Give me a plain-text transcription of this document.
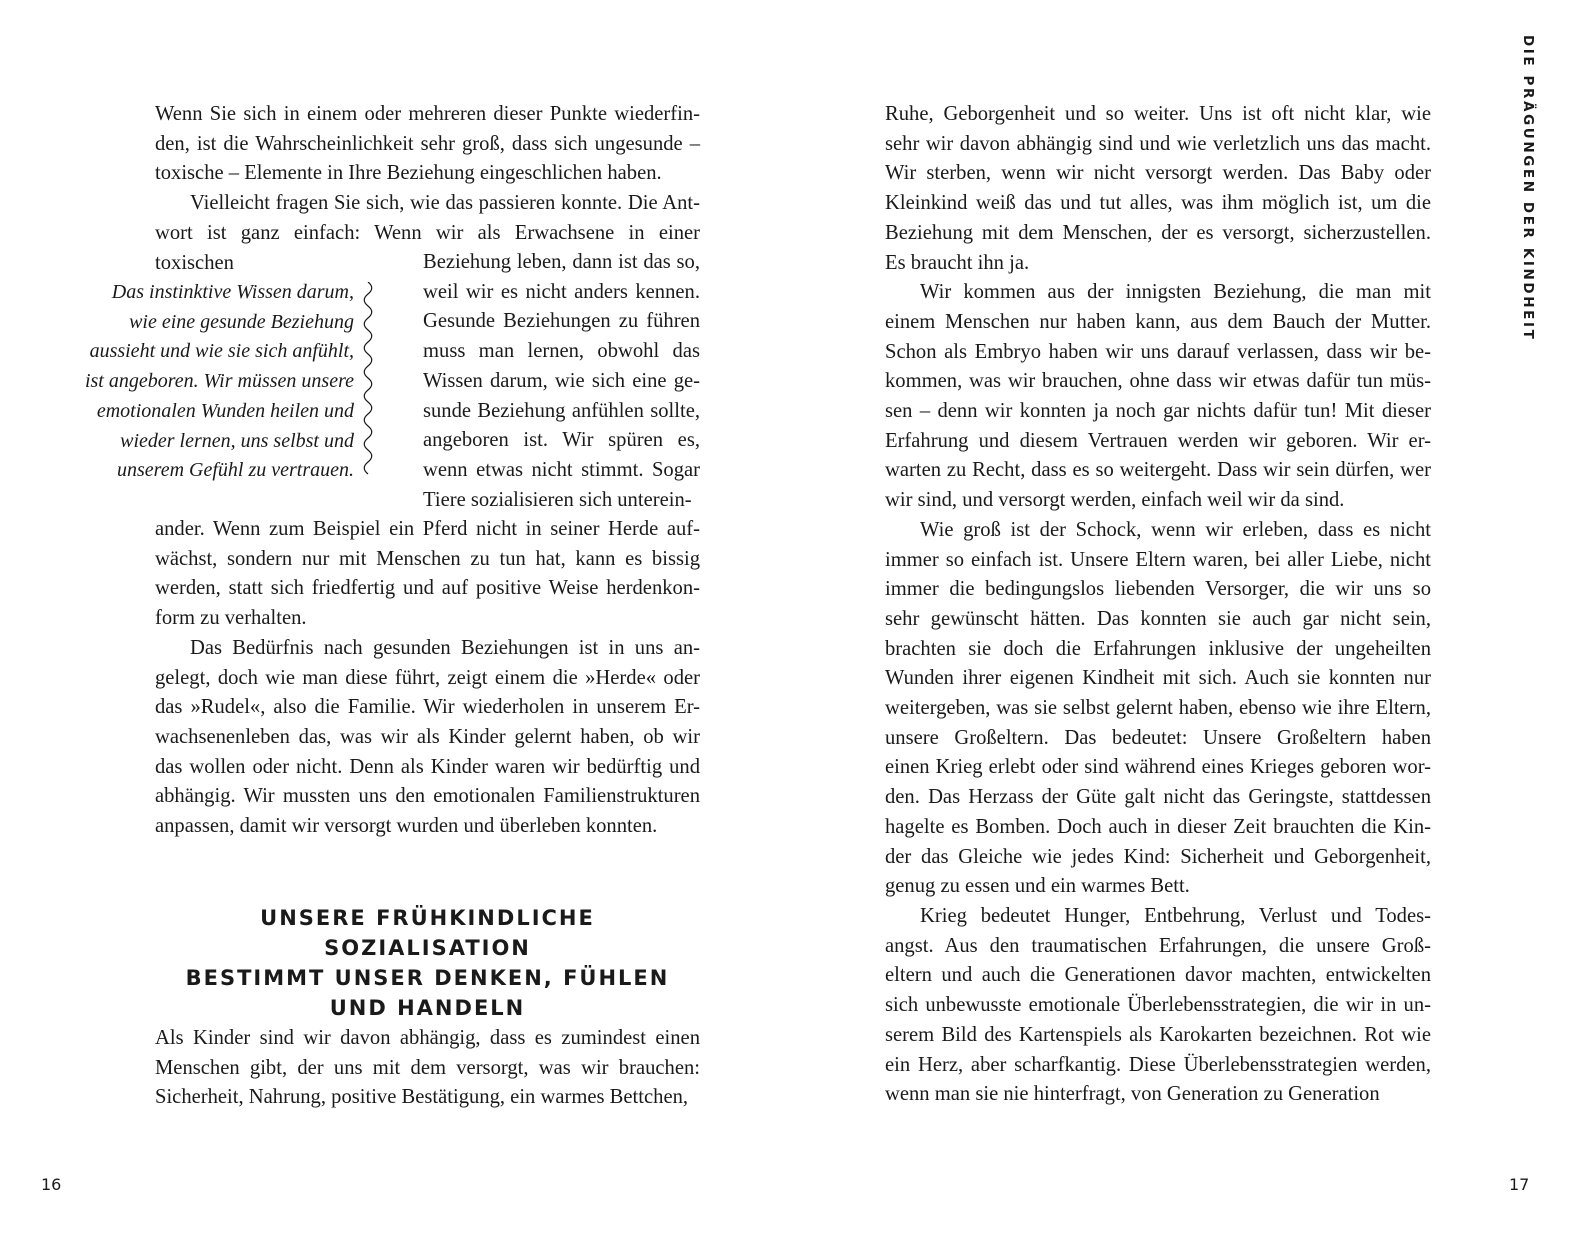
Wenn Sie sich in einem oder mehreren dieser Punkte wiederfin-
den, ist die Wahrscheinlichkeit sehr groß, dass sich ungesunde –
toxische – Elemente in Ihre Beziehung eingeschlichen haben.

Vielleicht fragen Sie sich, wie das passieren konnte. Die Ant-
wort ist ganz einfach: Wenn wir als Erwachsene in einer toxischen	Beziehung leben, dann ist das so,
weil wir es nicht anders kennen.
Gesunde Beziehungen zu führen
muss man lernen, obwohl das
Wissen darum, wie sich eine ge-
sunde Beziehung anfühlen sollte,
angeboren ist. Wir spüren es,
wenn etwas nicht stimmt. Sogar
Tiere sozialisieren sich unterein-
Das instinktive Wissen darum,
wie eine gesunde Beziehung
aussieht und wie sie sich anfühlt,
ist angeboren. Wir müssen unsere
emotionalen Wunden heilen und
wieder lernen, uns selbst und
unserem Gefühl zu vertrauen.

ander. Wenn zum Beispiel ein Pferd nicht in seiner Herde auf-
wächst, sondern nur mit Menschen zu tun hat, kann es bissig
werden, statt sich friedfertig und auf positive Weise herdenkon-
form zu verhalten.

Das Bedürfnis nach gesunden Beziehungen ist in uns an-
gelegt, doch wie man diese führt, zeigt einem die »Herde« oder
das »Rudel«, also die Familie. Wir wiederholen in unserem Er-
wachsenenleben das, was wir als Kinder gelernt haben, ob wir
das wollen oder nicht. Denn als Kinder waren wir bedürftig und
abhängig. Wir mussten uns den emotionalen Familienstrukturen
anpassen, damit wir versorgt wurden und überleben konnten.

UNSERE FRÜHKINDLICHE SOZIALISATION
BESTIMMT UNSER DENKEN, FÜHLEN
UND HANDELN

Als Kinder sind wir davon abhängig, dass es zumindest einen
Menschen gibt, der uns mit dem versorgt, was wir brauchen:
Sicherheit, Nahrung, positive Bestätigung, ein warmes Bettchen,

16

Ruhe, Geborgenheit und so weiter. Uns ist oft nicht klar, wie
sehr wir davon abhängig sind und wie verletzlich uns das macht.
Wir sterben, wenn wir nicht versorgt werden. Das Baby oder
Kleinkind weiß das und tut alles, was ihm möglich ist, um die
Beziehung mit dem Menschen, der es versorgt, sicherzustellen.
Es braucht ihn ja.

Wir kommen aus der innigsten Beziehung, die man mit
einem Menschen nur haben kann, aus dem Bauch der Mutter.
Schon als Embryo haben wir uns darauf verlassen, dass wir be-
kommen, was wir brauchen, ohne dass wir etwas dafür tun müs-
sen – denn wir konnten ja noch gar nichts dafür tun! Mit dieser
Erfahrung und diesem Vertrauen werden wir geboren. Wir er-
warten zu Recht, dass es so weitergeht. Dass wir sein dürfen, wer
wir sind, und versorgt werden, einfach weil wir da sind.

Wie groß ist der Schock, wenn wir erleben, dass es nicht
immer so einfach ist. Unsere Eltern waren, bei aller Liebe, nicht
immer die bedingungslos liebenden Versorger, die wir uns so
sehr gewünscht hätten. Das konnten sie auch gar nicht sein,
brachten sie doch die Erfahrungen inklusive der ungeheilten
Wunden ihrer eigenen Kindheit mit sich. Auch sie konnten nur
weitergeben, was sie selbst gelernt haben, ebenso wie ihre Eltern,
unsere Großeltern. Das bedeutet: Unsere Großeltern haben
einen Krieg erlebt oder sind während eines Krieges geboren wor-
den. Das Herzass der Güte galt nicht das Geringste, stattdessen
hagelte es Bomben. Doch auch in dieser Zeit brauchten die Kin-
der das Gleiche wie jedes Kind: Sicherheit und Geborgenheit,
genug zu essen und ein warmes Bett.

Krieg bedeutet Hunger, Entbehrung, Verlust und Todes-
angst. Aus den traumatischen Erfahrungen, die unsere Groß-
eltern und auch die Generationen davor machten, entwickelten
sich unbewusste emotionale Überlebensstrategien, die wir in un-
serem Bild des Kartenspiels als Karokarten bezeichnen. Rot wie
ein Herz, aber scharfkantig. Diese Überlebensstrategien werden,
wenn man sie nie hinterfragt, von Generation zu Generation

DIE PRÄGUNGEN DER KINDHEIT
17
